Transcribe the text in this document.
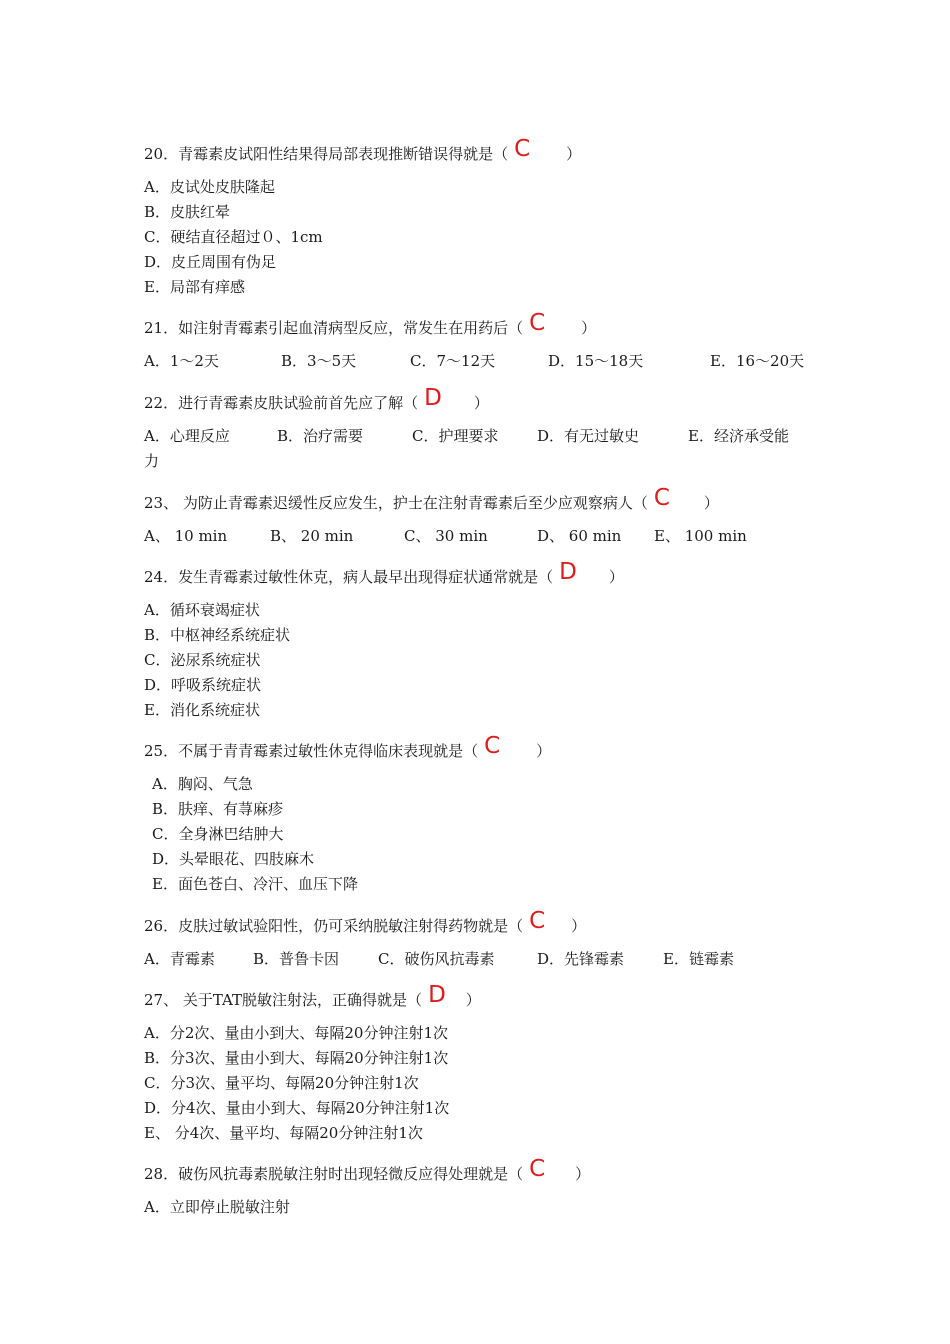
20．青霉素皮试阳性结果得局部表现推断错误得就是（ C ）
A．皮试处皮肤隆起
B．皮肤红晕
C．硬结直径超过０、1cm
D．皮丘周围有伪足
E．局部有痒感
21．如注射青霉素引起血清病型反应，常发生在用药后（ C ）
A．1～2天	B．3～5天	C．7～12天	D．15～18天	E．16～20天
22．进行青霉素皮肤试验前首先应了解（ D ）
A．心理反应	B．治疗需要	C．护理要求	D．有无过敏史	E．经济承受能
力
23、 为防止青霉素迟缓性反应发生，护士在注射青霉素后至少应观察病人（ C ）
A、 10 min	B、 20 min	C、 30 min	D、 60 min E、 100 min
24．发生青霉素过敏性休克，病人最早出现得症状通常就是（ D ）
A．循环衰竭症状
B．中枢神经系统症状
C．泌尿系统症状
D．呼吸系统症状
E．消化系统症状
25．不属于青青霉素过敏性休克得临床表现就是（ C ）
A．胸闷、气急
B．肤痒、有荨麻疹
C．全身淋巴结肿大
D．头晕眼花、四肢麻木
E．面色苍白、冷汗、血压下降
26．皮肤过敏试验阳性，仍可采纳脱敏注射得药物就是（ C ）
A．青霉素	B．普鲁卡因	C．破伤风抗毒素	D．先锋霉素	E．链霉素
27、 关于TAT脱敏注射法，正确得就是（ D ）
A．分2次、量由小到大、每隔20分钟注射1次
B．分3次、量由小到大、每隔20分钟注射1次
C．分3次、量平均、每隔20分钟注射1次
D．分4次、量由小到大、每隔20分钟注射1次
E、 分4次、量平均、每隔20分钟注射1次
28．破伤风抗毒素脱敏注射时出现轻微反应得处理就是（ C ）
A．立即停止脱敏注射
